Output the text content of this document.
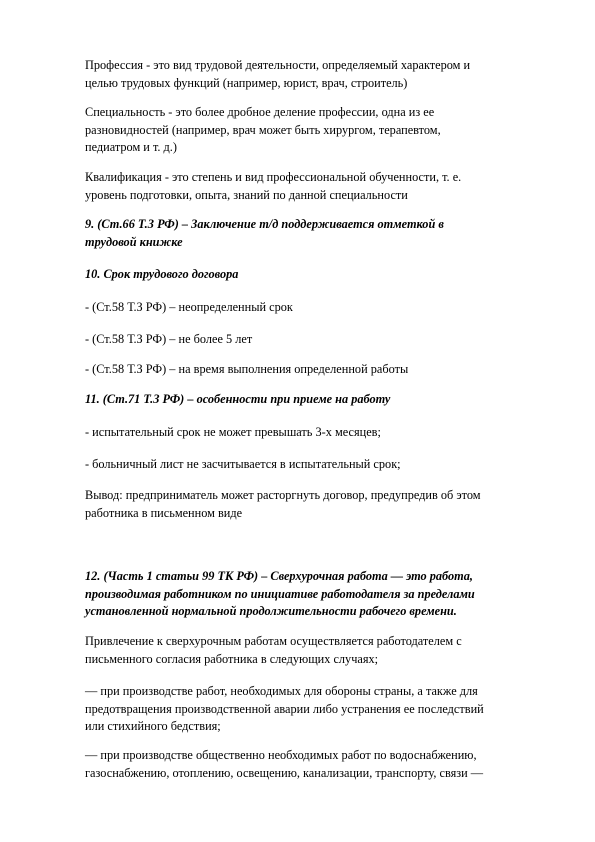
Профессия - это вид трудовой деятельности, определяемый характером и
целью трудовых функций (например, юрист, врач, строитель)
Специальность - это более дробное деление профессии, одна из ее
разновидностей (например, врач может быть хирургом, терапевтом,
педиатром и т. д.)
Квалификация - это степень и вид профессиональной обученности, т. е.
уровень подготовки, опыта, знаний по данной специальности
9. (Ст.66 Т.З РФ) – Заключение т/д поддерживается отметкой в
трудовой книжке
10. Срок трудового договора
- (Ст.58 Т.З РФ) – неопределенный срок
- (Ст.58 Т.З РФ) – не более 5 лет
- (Ст.58 Т.З РФ) – на время выполнения определенной работы
11. (Ст.71 Т.З РФ) – особенности при приеме на работу
- испытательный срок не может превышать 3-х месяцев;
- больничный лист не засчитывается в испытательный срок;
Вывод: предприниматель может расторгнуть договор, предупредив об этом
работника в письменном виде
12. (Часть 1 статьи 99 ТК РФ) – Сверхурочная работа — это работа,
производимая работником по инициативе работодателя за пределами
установленной нормальной продолжительности рабочего времени.
Привлечение к сверхурочным работам осуществляется работодателем с
письменного согласия работника в следующих случаях;
— при производстве работ, необходимых для обороны страны, а также для
предотвращения производственной аварии либо устранения ее последствий
или стихийного бедствия;
— при производстве общественно необходимых работ по водоснабжению,
газоснабжению, отоплению, освещению, канализации, транспорту, связи —
